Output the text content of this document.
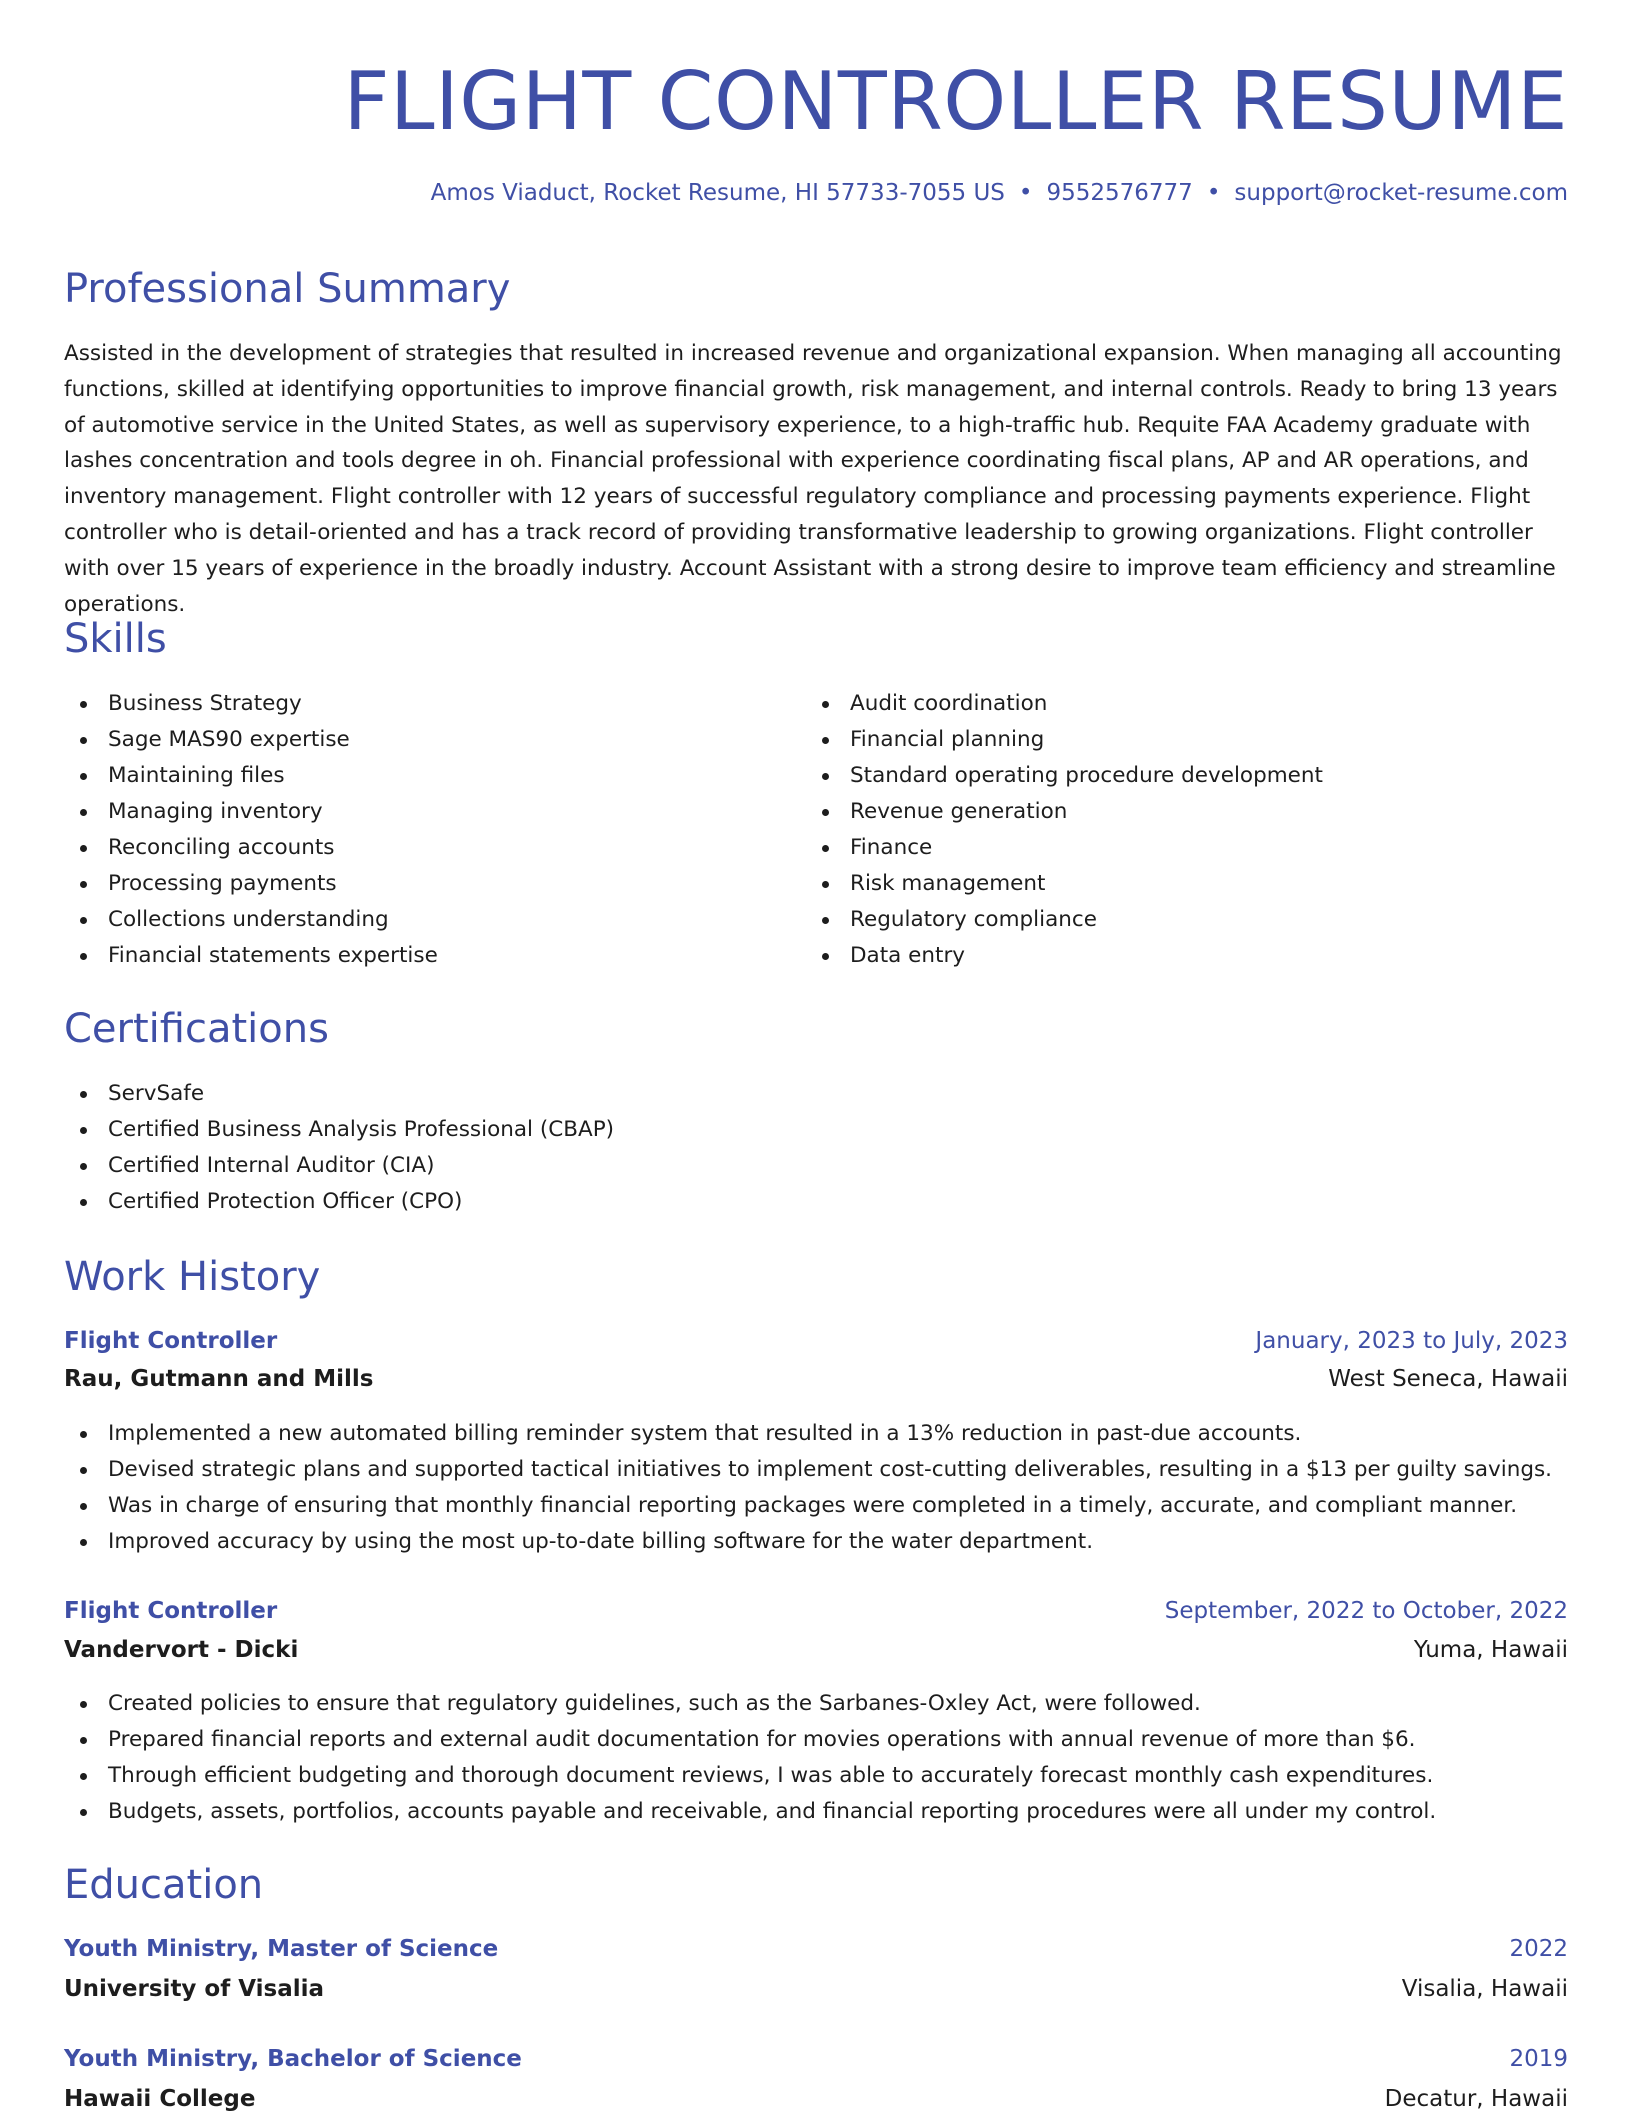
FLIGHT CONTROLLER RESUME
Amos Viaduct, Rocket Resume, HI 57733-7055 US • 9552576777 • support@rocket-resume.com
Professional Summary
Assisted in the development of strategies that resulted in increased revenue and organizational expansion. When managing all accounting functions, skilled at identifying opportunities to improve financial growth, risk management, and internal controls. Ready to bring 13 years of automotive service in the United States, as well as supervisory experience, to a high-traffic hub. Requite FAA Academy graduate with lashes concentration and tools degree in oh. Financial professional with experience coordinating fiscal plans, AP and AR operations, and inventory management. Flight controller with 12 years of successful regulatory compliance and processing payments experience. Flight controller who is detail-oriented and has a track record of providing transformative leadership to growing organizations. Flight controller with over 15 years of experience in the broadly industry. Account Assistant with a strong desire to improve team efficiency and streamline operations.
Skills
Business Strategy
Sage MAS90 expertise
Maintaining files
Managing inventory
Reconciling accounts
Processing payments
Collections understanding
Financial statements expertise
Audit coordination
Financial planning
Standard operating procedure development
Revenue generation
Finance
Risk management
Regulatory compliance
Data entry
Certifications
ServSafe
Certified Business Analysis Professional (CBAP)
Certified Internal Auditor (CIA)
Certified Protection Officer (CPO)
Work History
Flight Controller	January, 2023 to July, 2023
Rau, Gutmann and Mills	West Seneca, Hawaii
Implemented a new automated billing reminder system that resulted in a 13% reduction in past-due accounts.
Devised strategic plans and supported tactical initiatives to implement cost-cutting deliverables, resulting in a $13 per guilty savings.
Was in charge of ensuring that monthly financial reporting packages were completed in a timely, accurate, and compliant manner.
Improved accuracy by using the most up-to-date billing software for the water department.
Flight Controller	September, 2022 to October, 2022
Vandervort - Dicki	Yuma, Hawaii
Created policies to ensure that regulatory guidelines, such as the Sarbanes-Oxley Act, were followed.
Prepared financial reports and external audit documentation for movies operations with annual revenue of more than $6.
Through efficient budgeting and thorough document reviews, I was able to accurately forecast monthly cash expenditures.
Budgets, assets, portfolios, accounts payable and receivable, and financial reporting procedures were all under my control.
Education
Youth Ministry, Master of Science	2022
University of Visalia	Visalia, Hawaii
Youth Ministry, Bachelor of Science	2019
Hawaii College	Decatur, Hawaii
